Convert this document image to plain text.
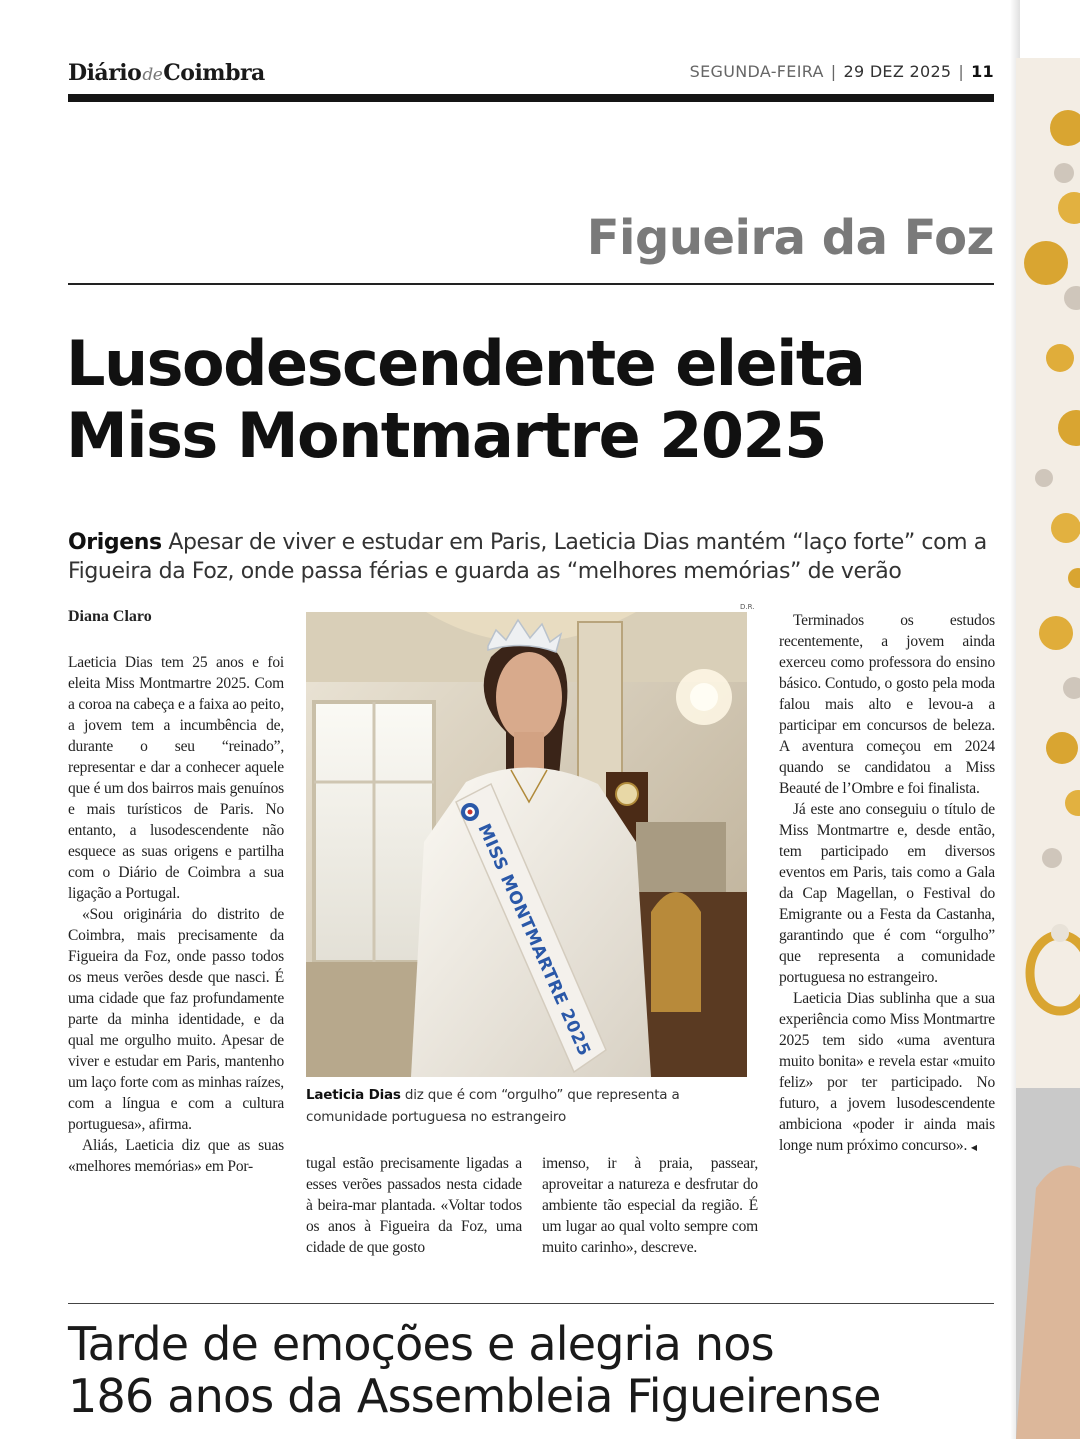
DiáriodeCoimbra	SEGUNDA-FEIRA | 29 DEZ 2025 | 11
Figueira da Foz
Lusodescendente eleita
Miss Montmartre 2025
Origens Apesar de viver e estudar em Paris, Laeticia Dias mantém “laço forte” com a Figueira da Foz, onde passa férias e guarda as “melhores memórias” de verão
Diana Claro

Laeticia Dias tem 25 anos e foi eleita Miss Montmartre 2025. Com a coroa na cabeça e a faixa ao peito, a jovem tem a incumbência de, durante o seu “reinado”, representar e dar a conhecer aquele que é um dos bairros mais genuínos e mais turísticos de Paris. No entanto, a lusodescendente não esquece as suas origens e partilha com o Diário de Coimbra a sua ligação a Portugal.

«Sou originária do distrito de Coimbra, mais precisamente da Figueira da Foz, onde passo todos os meus verões desde que nasci. É uma cidade que faz profundamente parte da minha identidade, e da qual me orgulho muito. Apesar de viver e estudar em Paris, mantenho um laço forte com as minhas raízes, com a língua e com a cultura portuguesa», afirma.

Aliás, Laeticia diz que as suas «melhores memórias» em Por-

D.R.
MISS MONTMARTRE 2025
Laeticia Dias diz que é com “orgulho” que representa a comunidade portuguesa no estrangeiro

tugal estão precisamente ligadas a esses verões passados nesta cidade à beira-mar plantada. «Voltar todos os anos à Figueira da Foz, uma cidade de que gosto

imenso, ir à praia, passear, aproveitar a natureza e desfrutar do ambiente tão especial da região. É um lugar ao qual volto sempre com muito carinho», descreve.

Terminados os estudos recentemente, a jovem ainda exerceu como professora do ensino básico. Contudo, o gosto pela moda falou mais alto e levou-a a participar em concursos de beleza. A aventura começou em 2024 quando se candidatou a Miss Beauté de l’Ombre e foi finalista.

Já este ano conseguiu o título de Miss Montmartre e, desde então, tem participado em diversos eventos em Paris, tais como a Gala da Cap Magellan, o Festival do Emigrante ou a Festa da Castanha, garantindo que é com “orgulho” que representa a comunidade portuguesa no estrangeiro.

Laeticia Dias sublinha que a sua experiência como Miss Montmartre 2025 tem sido «uma aventura muito bonita» e revela estar «muito feliz» por ter participado. No futuro, a jovem lusodescendente ambiciona «poder ir ainda mais longe num próximo concurso». ◀

Tarde de emoções e alegria nos
186 anos da Assembleia Figueirense
